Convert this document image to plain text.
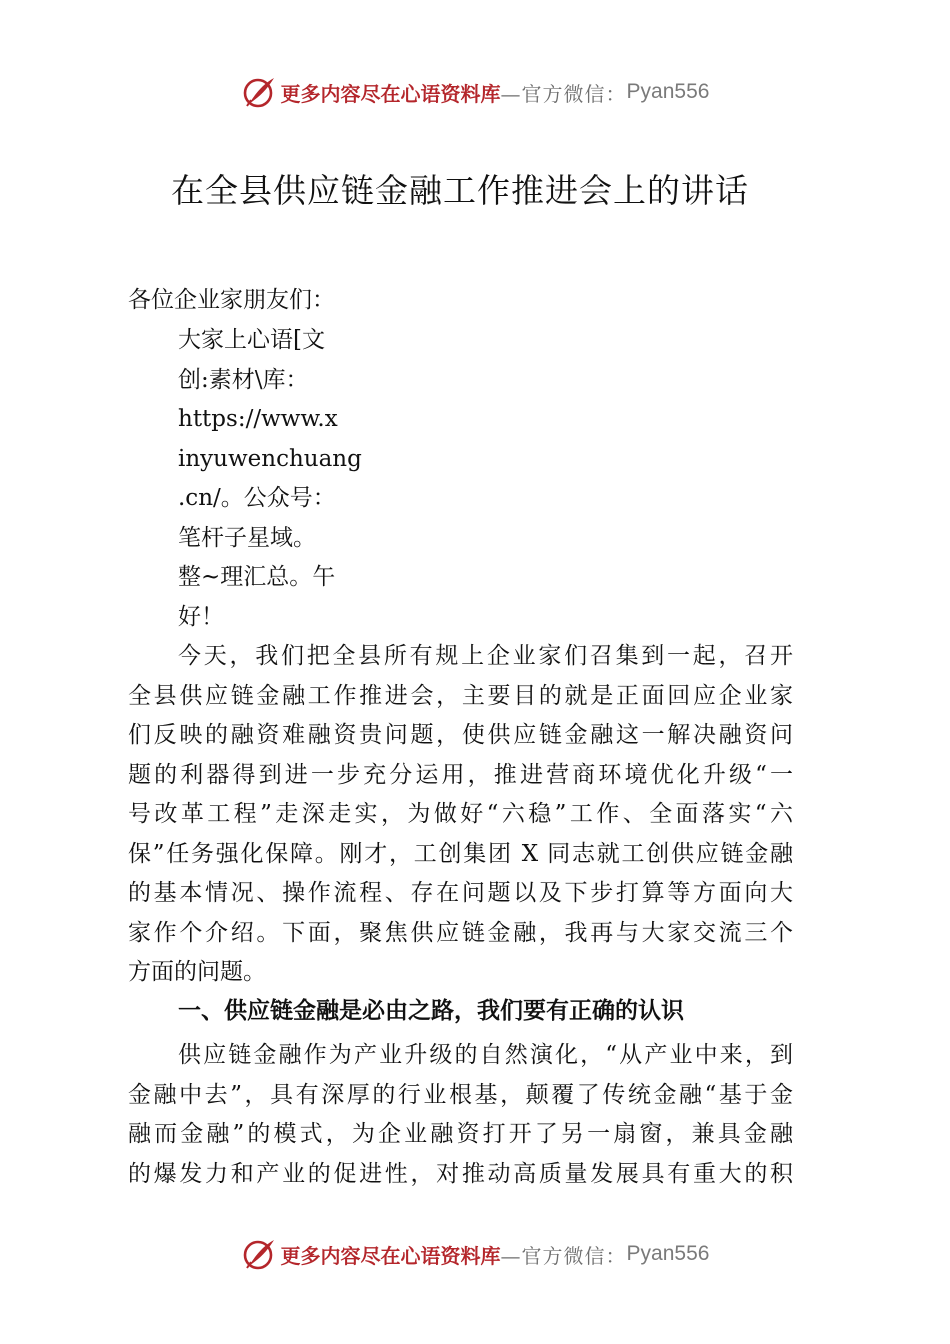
更多内容尽在心语资料库 —官方微信： Pyan556
在全县供应链金融工作推进会上的讲话
各位企业家朋友们：
大家上心语[文
创:素材\库：
https://www.x
inyuwenchuang
.cn/。公众号：
笔杆子星域。
整~理汇总。午
好！
今天，我们把全县所有规上企业家们召集到一起，召开
全县供应链金融工作推进会，主要目的就是正面回应企业家
们反映的融资难融资贵问题，使供应链金融这一解决融资问
题的利器得到进一步充分运用，推进营商环境优化升级“一
号改革工程”走深走实，为做好“六稳”工作、全面落实“六
保”任务强化保障。刚才，工创集团 X 同志就工创供应链金融
的基本情况、操作流程、存在问题以及下步打算等方面向大
家作个介绍。下面，聚焦供应链金融，我再与大家交流三个
方面的问题。
一、供应链金融是必由之路，我们要有正确的认识
供应链金融作为产业升级的自然演化，“从产业中来，到
金融中去”，具有深厚的行业根基，颠覆了传统金融“基于金
融而金融”的模式，为企业融资打开了另一扇窗，兼具金融
的爆发力和产业的促进性，对推动高质量发展具有重大的积
更多内容尽在心语资料库 —官方微信： Pyan556
